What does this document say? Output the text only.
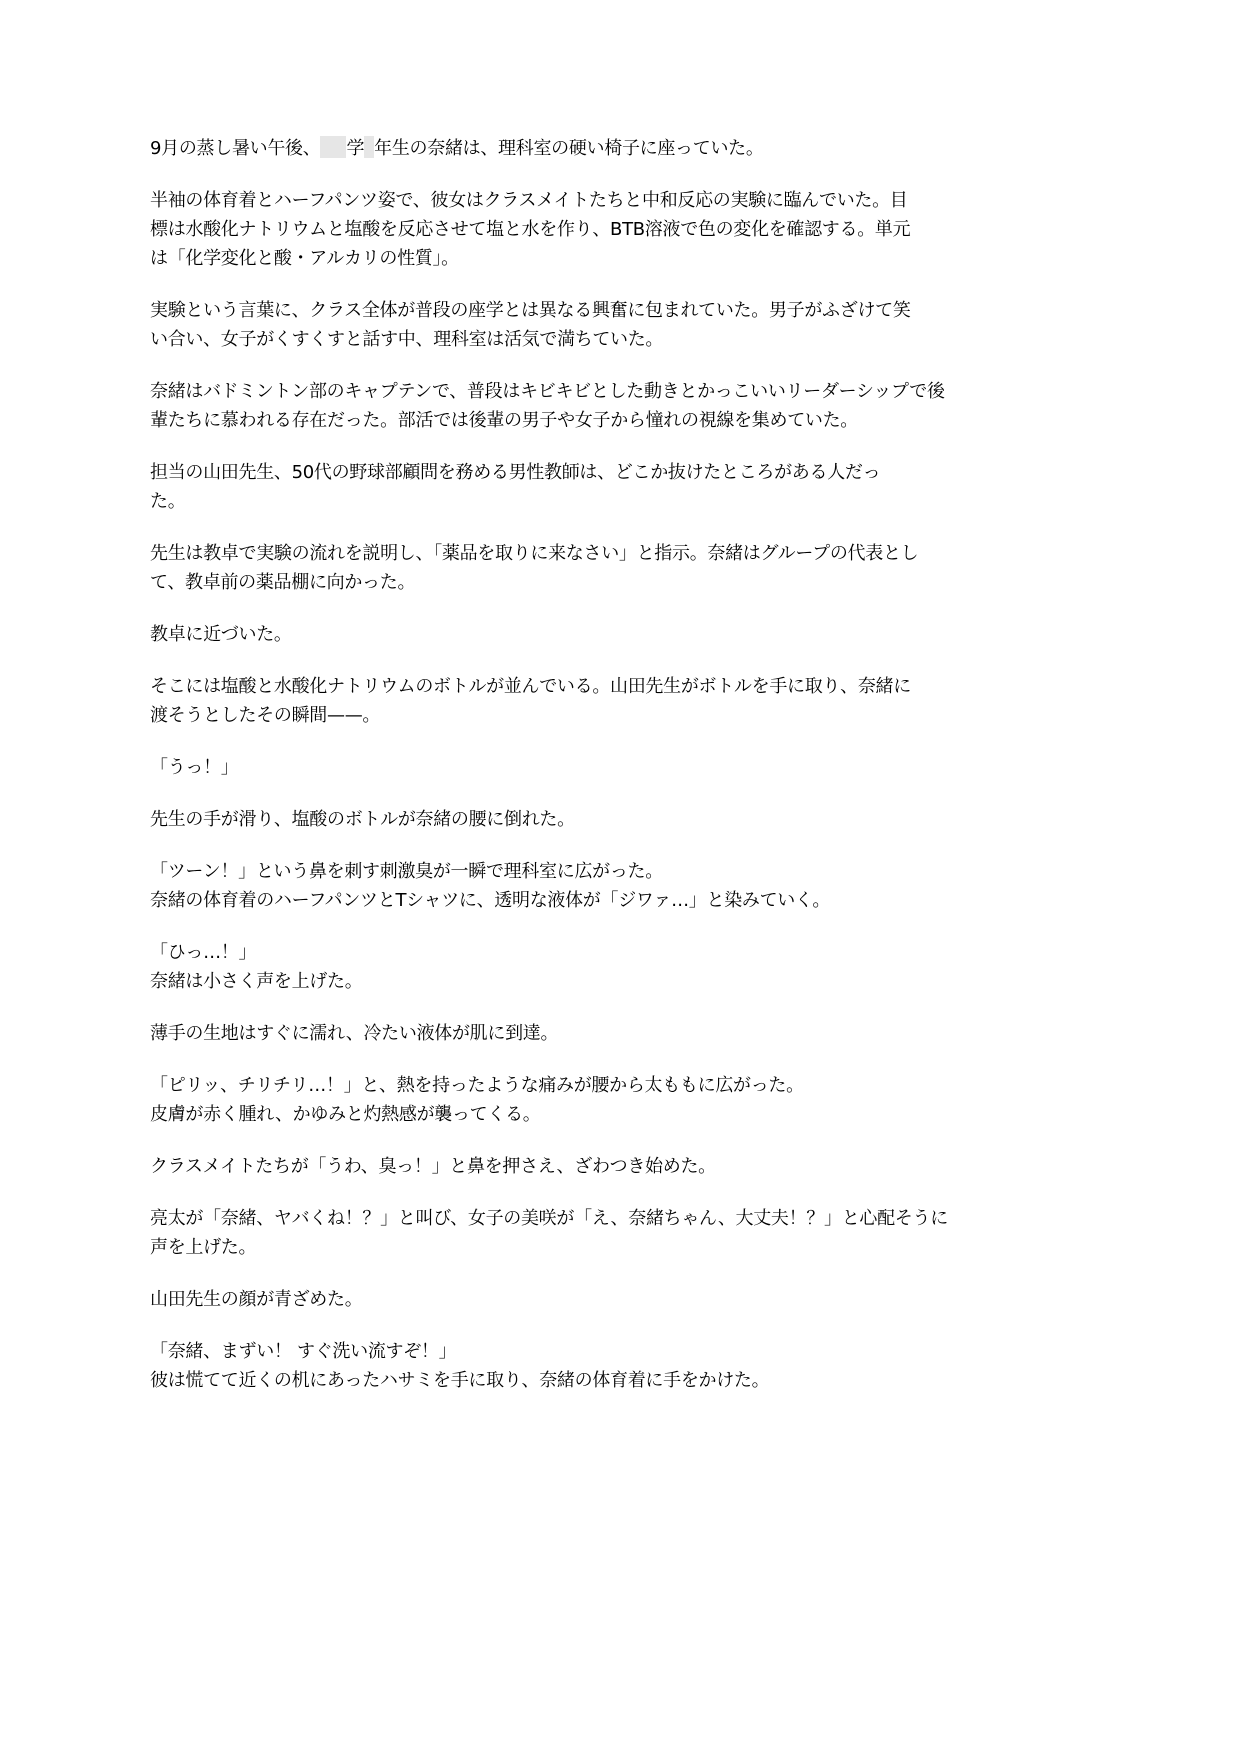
9月の蒸し暑い午後、 学 年生の奈緒は、理科室の硬い椅子に座っていた。

半袖の体育着とハーフパンツ姿で、彼女はクラスメイトたちと中和反応の実験に臨んでいた。目
標は水酸化ナトリウムと塩酸を反応させて塩と水を作り、BTB溶液で色の変化を確認する。単元
は「化学変化と酸・アルカリの性質」。

実験という言葉に、クラス全体が普段の座学とは異なる興奮に包まれていた。男子がふざけて笑
い合い、女子がくすくすと話す中、理科室は活気で満ちていた。

奈緒はバドミントン部のキャプテンで、普段はキビキビとした動きとかっこいいリーダーシップで後
輩たちに慕われる存在だった。部活では後輩の男子や女子から憧れの視線を集めていた。

担当の山田先生、50代の野球部顧問を務める男性教師は、どこか抜けたところがある人だっ
た。

先生は教卓で実験の流れを説明し、「薬品を取りに来なさい」と指示。奈緒はグループの代表とし
て、教卓前の薬品棚に向かった。

教卓に近づいた。

そこには塩酸と水酸化ナトリウムのボトルが並んでいる。山田先生がボトルを手に取り、奈緒に
渡そうとしたその瞬間——。

「うっ！」

先生の手が滑り、塩酸のボトルが奈緒の腰に倒れた。

「ツーン！」という鼻を刺す刺激臭が一瞬で理科室に広がった。
奈緒の体育着のハーフパンツとTシャツに、透明な液体が「ジワァ…」と染みていく。

「ひっ…！」
奈緒は小さく声を上げた。

薄手の生地はすぐに濡れ、冷たい液体が肌に到達。

「ピリッ、チリチリ…！」と、熱を持ったような痛みが腰から太ももに広がった。
皮膚が赤く腫れ、かゆみと灼熱感が襲ってくる。

クラスメイトたちが「うわ、臭っ！」と鼻を押さえ、ざわつき始めた。

亮太が「奈緒、ヤバくね！？」と叫び、女子の美咲が「え、奈緒ちゃん、大丈夫！？」と心配そうに
声を上げた。

山田先生の顔が青ざめた。

「奈緒、まずい！ すぐ洗い流すぞ！」
彼は慌てて近くの机にあったハサミを手に取り、奈緒の体育着に手をかけた。
